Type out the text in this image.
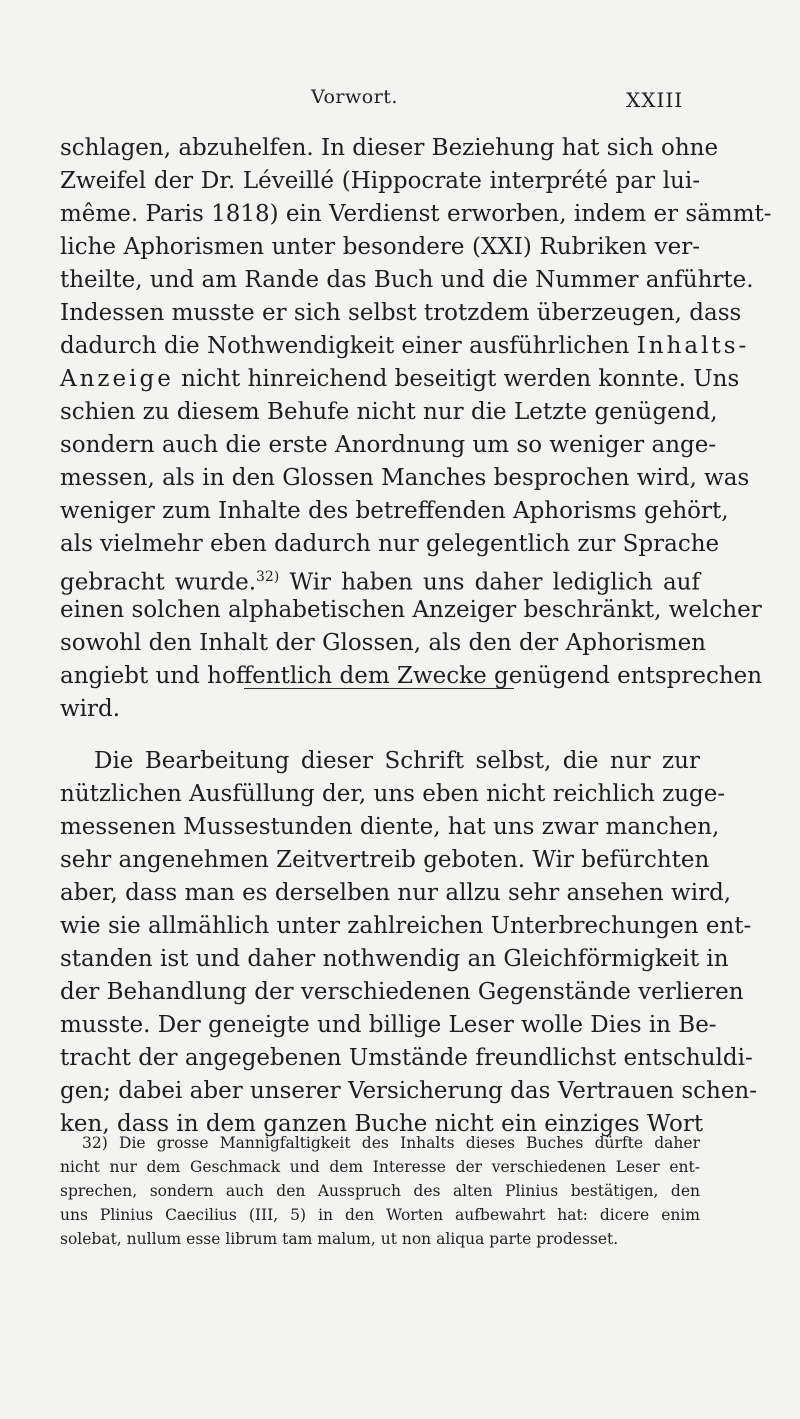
Vorwort.	XXIII
schlagen, abzuhelfen. In dieser Beziehung hat sich ohne
Zweifel der Dr. Léveillé (Hippocrate interprété par lui-
même. Paris 1818) ein Verdienst erworben, indem er sämmt-
liche Aphorismen unter besondere (XXI) Rubriken ver-
theilte, und am Rande das Buch und die Nummer anführte.
Indessen musste er sich selbst trotzdem überzeugen, dass
dadurch die Nothwendigkeit einer ausführlichen Inhalts-
Anzeige nicht hinreichend beseitigt werden konnte. Uns
schien zu diesem Behufe nicht nur die Letzte genügend,
sondern auch die erste Anordnung um so weniger ange-
messen, als in den Glossen Manches besprochen wird, was
weniger zum Inhalte des betreffenden Aphorisms gehört,
als vielmehr eben dadurch nur gelegentlich zur Sprache
gebracht wurde.$^{32)}$ Wir haben uns daher lediglich auf
einen solchen alphabetischen Anzeiger beschränkt, welcher
sowohl den Inhalt der Glossen, als den der Aphorismen
angiebt und hoffentlich dem Zwecke genügend entsprechen
wird.
Die Bearbeitung dieser Schrift selbst, die nur zur
nützlichen Ausfüllung der, uns eben nicht reichlich zuge-
messenen Mussestunden diente, hat uns zwar manchen,
sehr angenehmen Zeitvertreib geboten. Wir befürchten
aber, dass man es derselben nur allzu sehr ansehen wird,
wie sie allmählich unter zahlreichen Unterbrechungen ent-
standen ist und daher nothwendig an Gleichförmigkeit in
der Behandlung der verschiedenen Gegenstände verlieren
musste. Der geneigte und billige Leser wolle Dies in Be-
tracht der angegebenen Umstände freundlichst entschuldi-
gen; dabei aber unserer Versicherung das Vertrauen schen-
ken, dass in dem ganzen Buche nicht ein einziges Wort
32) Die grosse Mannigfaltigkeit des Inhalts dieses Buches dürfte daher
nicht nur dem Geschmack und dem Interesse der verschiedenen Leser ent-
sprechen, sondern auch den Ausspruch des alten Plinius bestätigen, den
uns Plinius Caecilius (III, 5) in den Worten aufbewahrt hat: dicere enim
solebat, nullum esse librum tam malum, ut non aliqua parte prodesset.
